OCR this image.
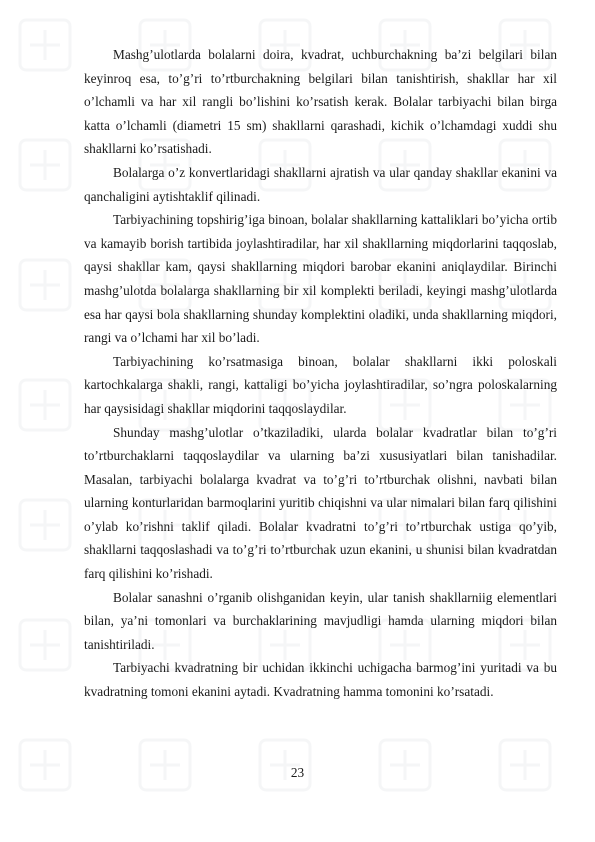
Mashg’ulotlarda bolalarni doira, kvadrat, uchburchakning ba’zi belgilari bilan keyinroq esa, to’g’ri to’rtburchakning belgilari bilan tanishtirish, shakllar har xil o’lchamli va har xil rangli bo’lishini ko’rsatish kerak. Bolalar tarbiyachi bilan birga katta o’lchamli (diametri 15 sm) shakllarni qarashadi, kichik o’lchamdagi xuddi shu shakllarni ko’rsatishadi.

Bolalarga o’z konvertlaridagi shakllarni ajratish va ular qanday shakllar ekanini va qanchaligini aytishtaklif qilinadi.

Tarbiyachining topshirig’iga binoan, bolalar shakllarning kattaliklari bo’yicha ortib va kamayib borish tartibida joylashtiradilar, har xil shakllarning miqdorlarini taqqoslab, qaysi shakllar kam, qaysi shakllarning miqdori barobar ekanini aniqlaydilar. Birinchi mashg’ulotda bolalarga shakllarning bir xil komplekti beriladi, keyingi mashg’ulotlarda esa har qaysi bola shakllarning shunday komplektini oladiki, unda shakllarning miqdori, rangi va o’lchami har xil bo’ladi.

Tarbiyachining ko’rsatmasiga binoan, bolalar shakllarni ikki poloskali kartochkalarga shakli, rangi, kattaligi bo’yicha joylashtiradilar, so’ngra poloskalarning har qaysisidagi shakllar miqdorini taqqoslaydilar.

Shunday mashg’ulotlar o’tkaziladiki, ularda bolalar kvadratlar bilan to’g’ri to’rtburchaklarni taqqoslaydilar va ularning ba’zi xususiyatlari bilan tanishadilar. Masalan, tarbiyachi bolalarga kvadrat va to’g’ri to’rtburchak olishni, navbati bilan ularning konturlaridan barmoqlarini yuritib chiqishni va ular nimalari bilan farq qilishini o’ylab ko’rishni taklif qiladi. Bolalar kvadratni to’g’ri to’rtburchak ustiga qo’yib, shakllarni taqqoslashadi va to’g’ri to’rtburchak uzun ekanini, u shunisi bilan kvadratdan farq qilishini ko’rishadi.

Bolalar sanashni o’rganib olishganidan keyin, ular tanish shakllarniig elementlari bilan, ya’ni tomonlari va burchaklarining mavjudligi hamda ularning miqdori bilan tanishtiriladi.

Tarbiyachi kvadratning bir uchidan ikkinchi uchigacha barmog’ini yuritadi va bu kvadratning tomoni ekanini aytadi. Kvadratning hamma tomonini ko’rsatadi.

23
